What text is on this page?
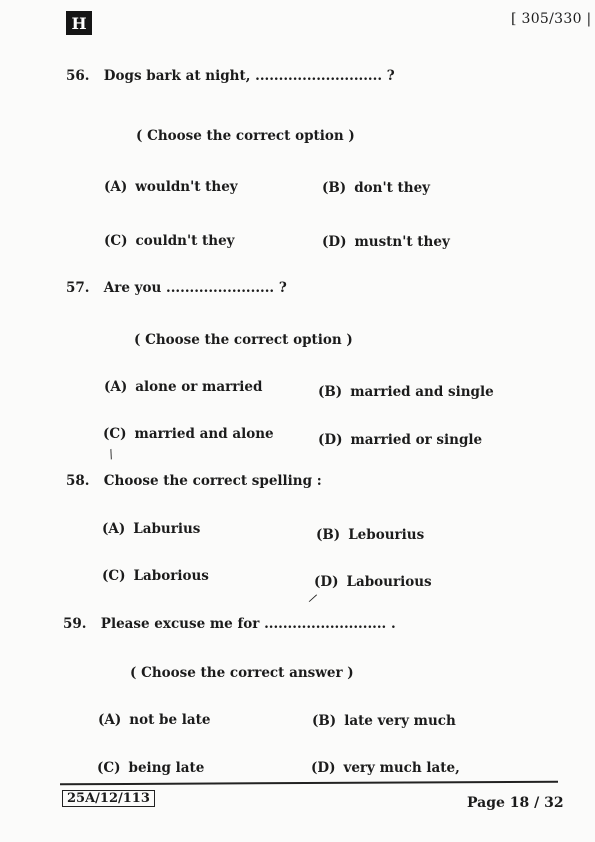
H	[ 305/330 |
56. Dogs bark at night, ........................... ?
( Choose the correct option )
(A) wouldn't they	(B) don't they
(C) couldn't they	(D) mustn't they
57. Are you ....................... ?
( Choose the correct option )
(A) alone or married	(B) married and single
(C) married and alone	(D) married or single
/
58. Choose the correct spelling :
(A) Laburius	(B) Lebourius
(C) Laborious	(D) Labourious
/
59. Please excuse me for .......................... .
( Choose the correct answer )
(A) not be late	(B) late very much
(C) being late	(D) very much late,
25A/12/113	Page 18 / 32
